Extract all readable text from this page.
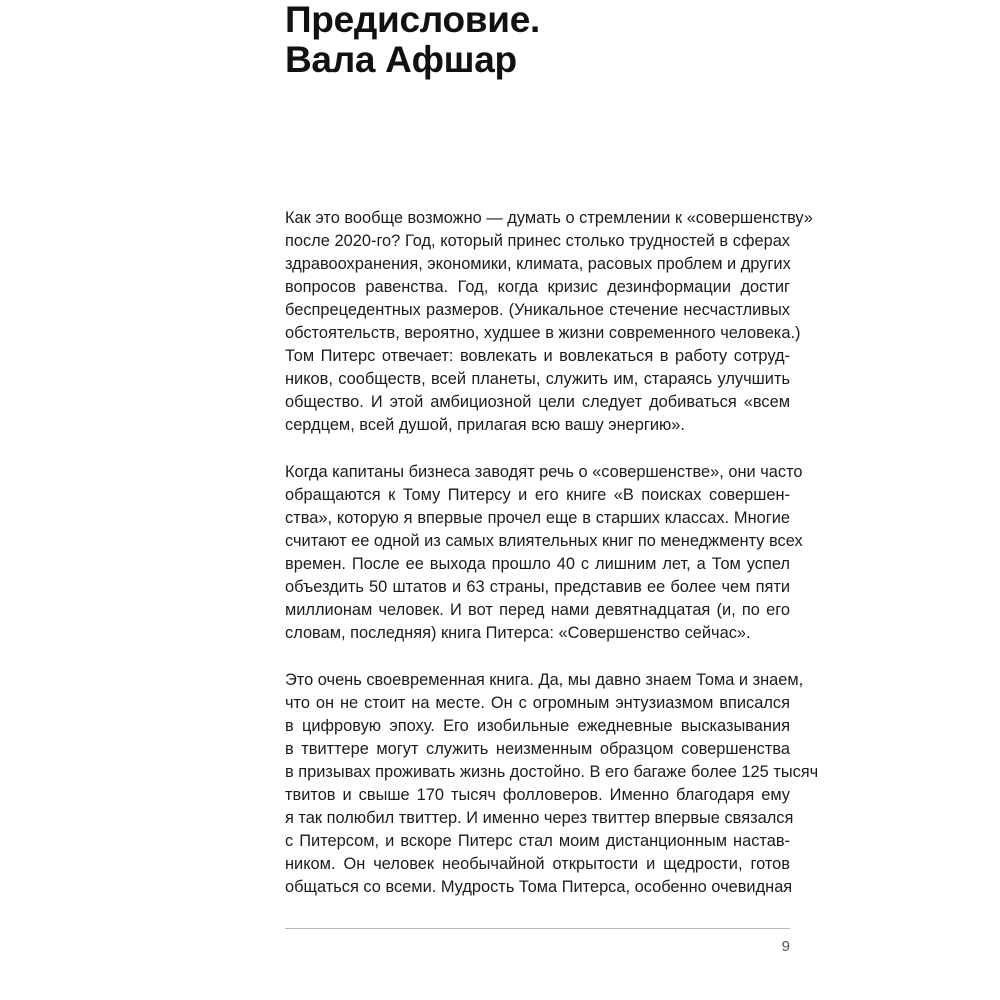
Предисловие.
Вала Афшар

Как это вообще возможно — думать о стремлении к «совершенству»
после 2020-го? Год, который принес столько трудностей в сферах
здравоохранения, экономики, климата, расовых проблем и других
вопросов равенства. Год, когда кризис дезинформации достиг
беспрецедентных размеров. (Уникальное стечение несчастливых
обстоятельств, вероятно, худшее в жизни современного человека.)
Том Питерс отвечает: вовлекать и вовлекаться в работу сотруд-
ников, сообществ, всей планеты, служить им, стараясь улучшить
общество. И этой амбициозной цели следует добиваться «всем
сердцем, всей душой, прилагая всю вашу энергию».

Когда капитаны бизнеса заводят речь о «совершенстве», они часто
обращаются к Тому Питерсу и его книге «В поисках совершен-
ства», которую я впервые прочел еще в старших классах. Многие
считают ее одной из самых влиятельных книг по менеджменту всех
времен. После ее выхода прошло 40 с лишним лет, а Том успел
объездить 50 штатов и 63 страны, представив ее более чем пяти
миллионам человек. И вот перед нами девятнадцатая (и, по его
словам, последняя) книга Питерса: «Совершенство сейчас».

Это очень своевременная книга. Да, мы давно знаем Тома и знаем,
что он не стоит на месте. Он с огромным энтузиазмом вписался
в цифровую эпоху. Его изобильные ежедневные высказывания
в твиттере могут служить неизменным образцом совершенства
в призывах проживать жизнь достойно. В его багаже более 125 тысяч
твитов и свыше 170 тысяч фолловеров. Именно благодаря ему
я так полюбил твиттер. И именно через твиттер впервые связался
с Питерсом, и вскоре Питерс стал моим дистанционным настав-
ником. Он человек необычайной открытости и щедрости, готов
общаться со всеми. Мудрость Тома Питерса, особенно очевидная

9
